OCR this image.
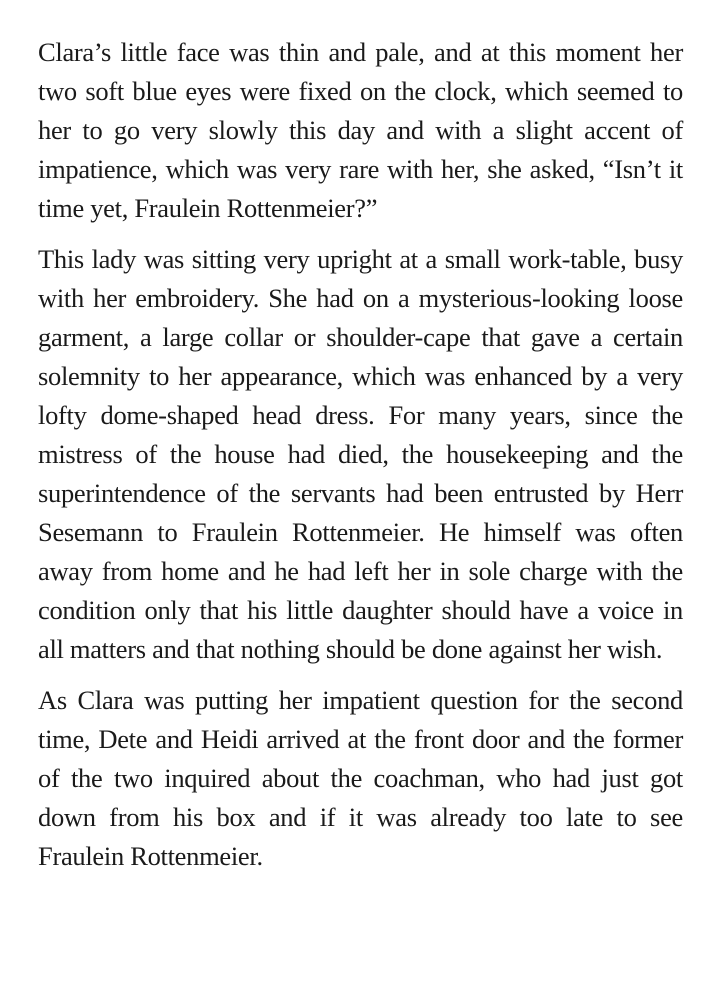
Clara’s little face was thin and pale, and at this moment her two soft blue eyes were fixed on the clock, which seemed to her to go very slowly this day and with a slight accent of impatience, which was very rare with her, she asked, “Isn’t it time yet, Fraulein Rottenmeier?”

This lady was sitting very upright at a small work-table, busy with her embroidery. She had on a mysterious-looking loose garment, a large collar or shoulder-cape that gave a certain solemnity to her appearance, which was enhanced by a very lofty dome-shaped head dress. For many years, since the mistress of the house had died, the housekeeping and the superintendence of the servants had been entrusted by Herr Sesemann to Fraulein Rottenmeier. He himself was often away from home and he had left her in sole charge with the condition only that his little daughter should have a voice in all matters and that nothing should be done against her wish.

As Clara was putting her impatient question for the second time, Dete and Heidi arrived at the front door and the former of the two inquired about the coachman, who had just got down from his box and if it was already too late to see Fraulein Rottenmeier.
